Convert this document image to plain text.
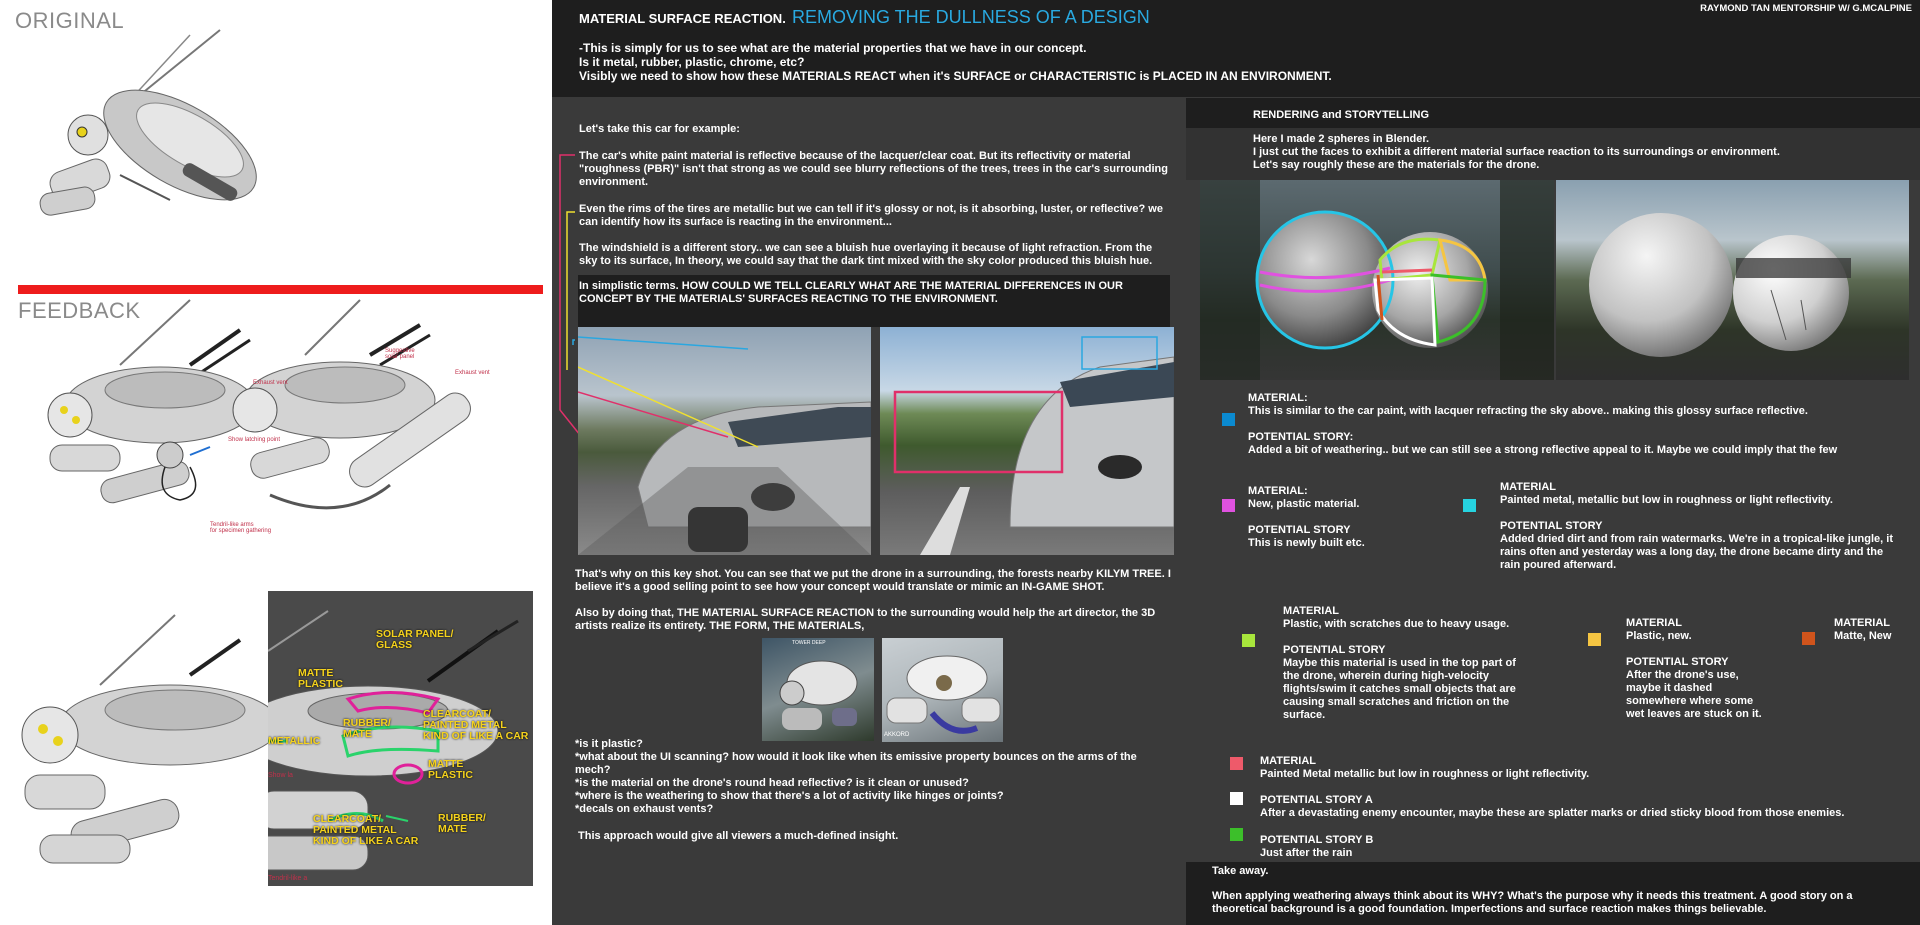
ORIGINAL
FEEDBACK
Exhaust vent
Suggestive
solar panel
Exhaust vent
Show latching point
Tendril-like arms
for specimen gathering
SOLAR PANEL/
GLASS
MATTE
PLASTIC
RUBBER/
MATE
CLEARCOAT/
PAINTED METAL
KIND OF LIKE A CAR
METALLIC
MATTE
PLASTIC
CLEARCOAT/
PAINTED METAL
KIND OF LIKE A CAR
RUBBER/
MATE
Show la
Tendril-like a
MATERIAL SURFACE REACTION. REMOVING THE DULLNESS OF A DESIGN	RAYMOND TAN MENTORSHIP W/ G.MCALPINE
-This is simply for us to see what are the material properties that we have in our concept.
Is it metal, rubber, plastic, chrome, etc?
Visibly we need to show how these MATERIALS REACT when it's SURFACE or CHARACTERISTIC is PLACED IN AN ENVIRONMENT.
Let's take this car for example:
The car's white paint material is reflective because of the lacquer/clear coat. But its reflectivity or material "roughness (PBR)" isn't that strong as we could see blurry reflections of the trees, trees in the car's surrounding environment.
Even the rims of the tires are metallic but we can tell if it's glossy or not, is it absorbing, luster, or reflective? we can identify how its surface is reacting in the environment...
The windshield is a different story.. we can see a bluish hue overlaying it because of light refraction. From the sky to its surface, In theory, we could say that the dark tint mixed with the sky color produced this bluish hue.
In simplistic terms. HOW COULD WE TELL CLEARLY WHAT ARE THE MATERIAL DIFFERENCES IN OUR CONCEPT BY THE MATERIALS' SURFACES REACTING TO THE ENVIRONMENT.
That's why on this key shot. You can see that we put the drone in a surrounding, the forests nearby KILYM TREE. I believe it's a good selling point to see how your concept would translate or mimic an IN-GAME SHOT.
Also by doing that, THE MATERIAL SURFACE REACTION to the surrounding would help the art director, the 3D artists realize its entirety. THE FORM, THE MATERIALS,
TOWER DEEP
AKKORD
*is it plastic?
*what about the UI scanning? how would it look like when its emissive property bounces on the arms of the mech?
*is the material on the drone's round head reflective? is it clean or unused?
*where is the weathering to show that there's a lot of activity like hinges or joints?
*decals on exhaust vents?
This approach would give all viewers a much-defined insight.
RENDERING and STORYTELLING
Here I made 2 spheres in Blender.
I just cut the faces to exhibit a different material surface reaction to its surroundings or environment.
Let's say roughly these are the materials for the drone.
MATERIAL:
This is similar to the car paint, with lacquer refracting the sky above.. making this glossy surface reflective.
POTENTIAL STORY:
Added a bit of weathering.. but we can still see a strong reflective appeal to it. Maybe we could imply that the few
MATERIAL:
New, plastic material.
POTENTIAL STORY
This is newly built etc.
MATERIAL
Painted metal, metallic but low in roughness or light reflectivity.
POTENTIAL STORY
Added dried dirt and from rain watermarks. We're in a tropical-like jungle, it rains often and yesterday was a long day, the drone became dirty and the rain poured afterward.
MATERIAL
Plastic, with scratches due to heavy usage.
POTENTIAL STORY
Maybe this material is used in the top part of the drone, wherein during high-velocity flights/swim it catches small objects that are causing small scratches and friction on the surface.
MATERIAL
Plastic, new.
POTENTIAL STORY
After the drone's use, maybe it dashed somewhere where some wet leaves are stuck on it.
MATERIAL
Matte, New
MATERIAL
Painted Metal metallic but low in roughness or light reflectivity.
POTENTIAL STORY A
After a devastating enemy encounter, maybe these are splatter marks or dried sticky blood from those enemies.
POTENTIAL STORY B
Just after the rain
Take away.
When applying weathering always think about its WHY? What's the purpose why it needs this treatment. A good story on a theoretical background is a good foundation. Imperfections and surface reaction makes things believable.
